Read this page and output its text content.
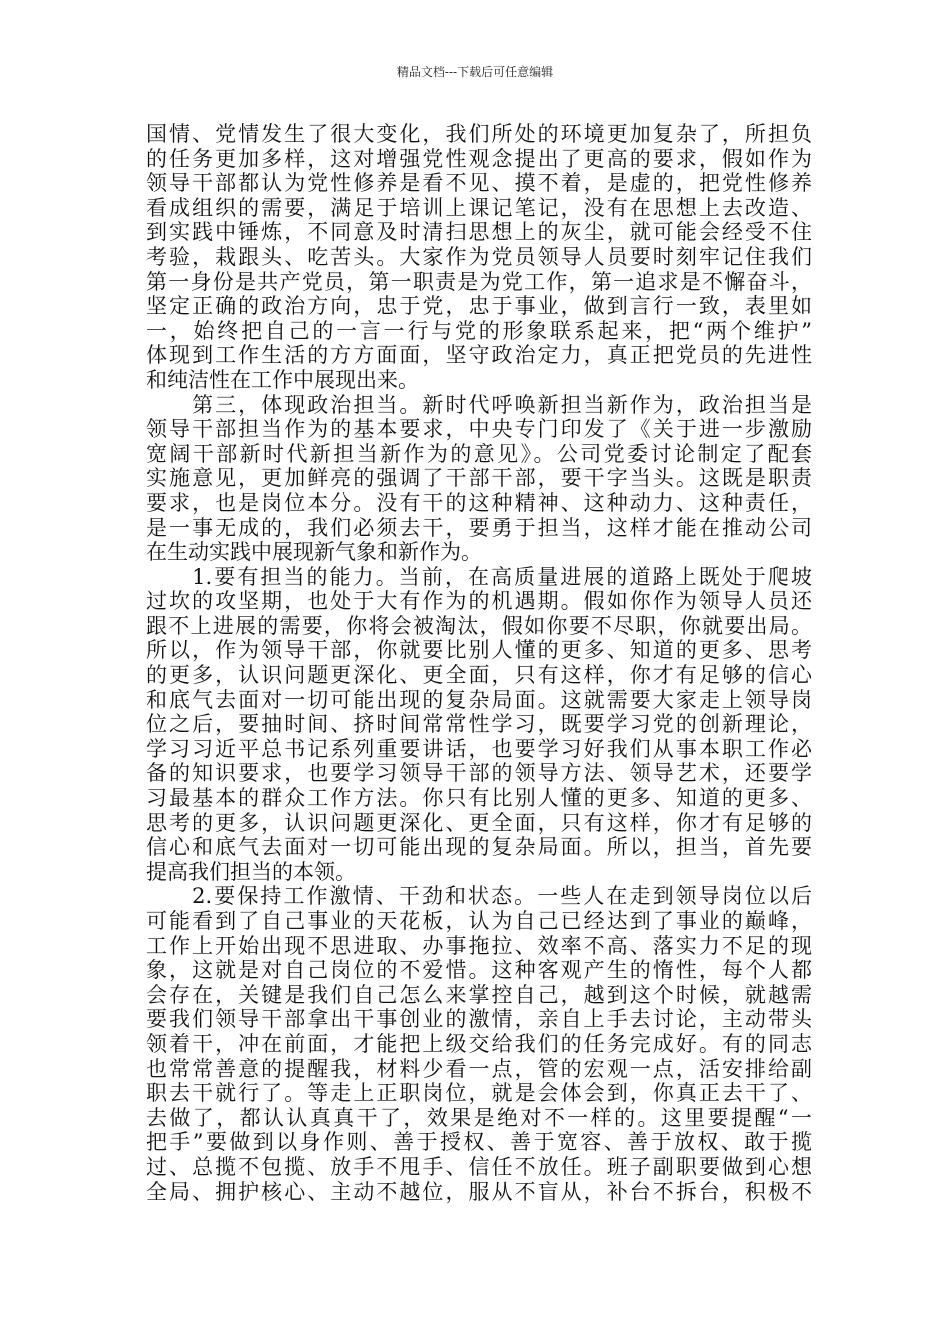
精品文档---下载后可任意编辑
国情、党情发生了很大变化，我们所处的环境更加复杂了，所担负
的任务更加多样，这对增强党性观念提出了更高的要求，假如作为
领导干部都认为党性修养是看不见、摸不着，是虚的，把党性修养
看成组织的需要，满足于培训上课记笔记，没有在思想上去改造、
到实践中锤炼，不同意及时清扫思想上的灰尘，就可能会经受不住
考验，栽跟头、吃苦头。大家作为党员领导人员要时刻牢记住我们
第一身份是共产党员，第一职责是为党工作，第一追求是不懈奋斗，
坚定正确的政治方向，忠于党，忠于事业，做到言行一致，表里如
一，始终把自己的一言一行与党的形象联系起来，把“两个维护”
体现到工作生活的方方面面，坚守政治定力，真正把党员的先进性
和纯洁性在工作中展现出来。
　　第三，体现政治担当。新时代呼唤新担当新作为，政治担当是
领导干部担当作为的基本要求，中央专门印发了《关于进一步激励
宽阔干部新时代新担当新作为的意见》。公司党委讨论制定了配套
实施意见，更加鲜亮的强调了干部干部，要干字当头。这既是职责
要求，也是岗位本分。没有干的这种精神、这种动力、这种责任，
是一事无成的，我们必须去干，要勇于担当，这样才能在推动公司
在生动实践中展现新气象和新作为。
　　1.要有担当的能力。当前，在高质量进展的道路上既处于爬坡
过坎的攻坚期，也处于大有作为的机遇期。假如你作为领导人员还
跟不上进展的需要，你将会被淘汰，假如你要不尽职，你就要出局。
所以，作为领导干部，你就要比别人懂的更多、知道的更多、思考
的更多，认识问题更深化、更全面，只有这样，你才有足够的信心
和底气去面对一切可能出现的复杂局面。这就需要大家走上领导岗
位之后，要抽时间、挤时间常常性学习，既要学习党的创新理论，
学习习近平总书记系列重要讲话，也要学习好我们从事本职工作必
备的知识要求，也要学习领导干部的领导方法、领导艺术，还要学
习最基本的群众工作方法。你只有比别人懂的更多、知道的更多、
思考的更多，认识问题更深化、更全面，只有这样，你才有足够的
信心和底气去面对一切可能出现的复杂局面。所以，担当，首先要
提高我们担当的本领。
　　2.要保持工作激情、干劲和状态。一些人在走到领导岗位以后
可能看到了自己事业的天花板，认为自己已经达到了事业的巅峰，
工作上开始出现不思进取、办事拖拉、效率不高、落实力不足的现
象，这就是对自己岗位的不爱惜。这种客观产生的惰性，每个人都
会存在，关键是我们自己怎么来掌控自己，越到这个时候，就越需
要我们领导干部拿出干事创业的激情，亲自上手去讨论，主动带头
领着干，冲在前面，才能把上级交给我们的任务完成好。有的同志
也常常善意的提醒我，材料少看一点，管的宏观一点，活安排给副
职去干就行了。等走上正职岗位，就是会体会到，你真正去干了、
去做了，都认认真真干了，效果是绝对不一样的。这里要提醒“一
把手”要做到以身作则、善于授权、善于宽容、善于放权、敢于揽
过、总揽不包揽、放手不甩手、信任不放任。班子副职要做到心想
全局、拥护核心、主动不越位，服从不盲从，补台不拆台，积极不
